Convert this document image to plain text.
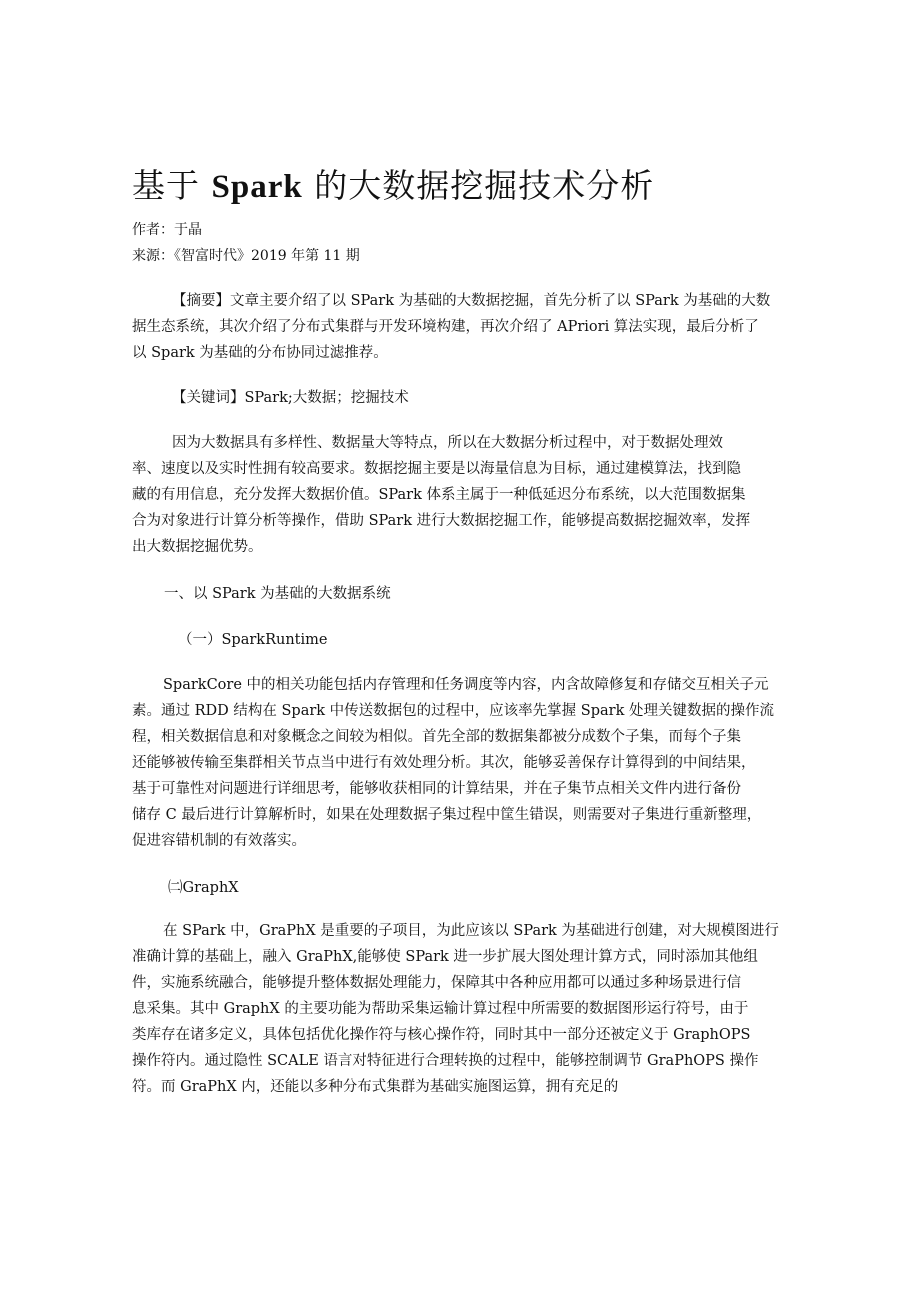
基于 Spark 的大数据挖掘技术分析
作者：于晶
来源：《智富时代》2019 年第 11 期
【摘要】文章主要介绍了以 SPark 为基础的大数据挖掘，首先分析了以 SPark 为基础的大数
据生态系统，其次介绍了分布式集群与开发环境构建，再次介绍了 APriori 算法实现，最后分析了
以 Spark 为基础的分布协同过滤推荐。
【关键词】SPark;大数据；挖掘技术
因为大数据具有多样性、数据量大等特点，所以在大数据分析过程中，对于数据处理效
率、速度以及实时性拥有较高要求。数据挖掘主要是以海量信息为目标，通过建模算法，找到隐
藏的有用信息，充分发挥大数据价值。SPark 体系主属于一种低延迟分布系统，以大范围数据集
合为对象进行计算分析等操作，借助 SPark 进行大数据挖掘工作，能够提高数据挖掘效率，发挥
出大数据挖掘优势。
一、以 SPark 为基础的大数据系统
（一）SparkRuntime
SparkCore 中的相关功能包括内存管理和任务调度等内容，内含故障修复和存储交互相关子元
素。通过 RDD 结构在 Spark 中传送数据包的过程中，应该率先掌握 Spark 处理关键数据的操作流
程，相关数据信息和对象概念之间较为相似。首先全部的数据集都被分成数个子集，而每个子集
还能够被传输至集群相关节点当中进行有效处理分析。其次，能够妥善保存计算得到的中间结果，
基于可靠性对问题进行详细思考，能够收获相同的计算结果，并在子集节点相关文件内进行备份
储存 C 最后进行计算解析时，如果在处理数据子集过程中筐生错误，则需要对子集进行重新整理，
促进容错机制的有效落实。
㈡GraphX
在 SPark 中，GraPhX 是重要的子项目，为此应该以 SPark 为基础进行创建，对大规模图进行
准确计算的基础上，融入 GraPhX,能够使 SPark 进一步扩展大图处理计算方式，同时添加其他组
件，实施系统融合，能够提升整体数据处理能力，保障其中各种应用都可以通过多种场景进行信
息采集。其中 GraphX 的主要功能为帮助采集运输计算过程中所需要的数据图形运行符号，由于
类库存在诸多定义，具体包括优化操作符与核心操作符，同时其中一部分还被定义于 GraphOPS
操作符内。通过隐性 SCALE 语言对特征进行合理转换的过程中，能够控制调节 GraPhOPS 操作
符。而 GraPhX 内，还能以多种分布式集群为基础实施图运算，拥有充足的
